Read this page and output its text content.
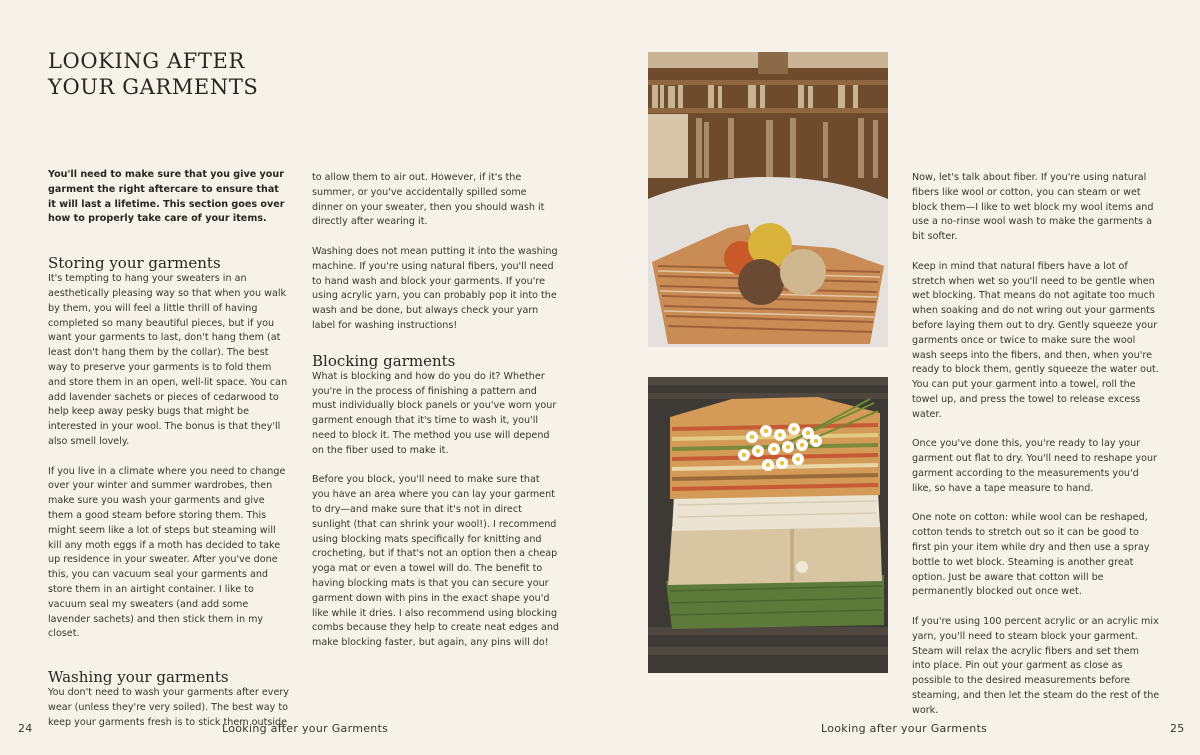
LOOKING AFTER
YOUR GARMENTS

You'll need to make sure that you give your garment the right aftercare to ensure that it will last a lifetime. This section goes over how to properly take care of your items.

Storing your garments

It's tempting to hang your sweaters in an aesthetically pleasing way so that when you walk by them, you will feel a little thrill of having completed so many beautiful pieces, but if you want your garments to last, don't hang them (at least don't hang them by the collar). The best way to preserve your garments is to fold them and store them in an open, well-lit space. You can add lavender sachets or pieces of cedarwood to help keep away pesky bugs that might be interested in your wool. The bonus is that they'll also smell lovely.

If you live in a climate where you need to change over your winter and summer wardrobes, then make sure you wash your garments and give them a good steam before storing them. This might seem like a lot of steps but steaming will kill any moth eggs if a moth has decided to take up residence in your sweater. After you've done this, you can vacuum seal your garments and store them in an airtight container. I like to vacuum seal my sweaters (and add some lavender sachets) and then stick them in my closet.

Washing your garments

You don't need to wash your garments after every wear (unless they're very soiled). The best way to keep your garments fresh is to stick them outside

to allow them to air out. However, if it's the summer, or you've accidentally spilled some dinner on your sweater, then you should wash it directly after wearing it.

Washing does not mean putting it into the washing machine. If you're using natural fibers, you'll need to hand wash and block your garments. If you're using acrylic yarn, you can probably pop it into the wash and be done, but always check your yarn label for washing instructions!

Blocking garments

What is blocking and how do you do it? Whether you're in the process of finishing a pattern and must individually block panels or you've worn your garment enough that it's time to wash it, you'll need to block it. The method you use will depend on the fiber used to make it.

Before you block, you'll need to make sure that you have an area where you can lay your garment to dry—and make sure that it's not in direct sunlight (that can shrink your wool!). I recommend using blocking mats specifically for knitting and crocheting, but if that's not an option then a cheap yoga mat or even a towel will do. The benefit to having blocking mats is that you can secure your garment down with pins in the exact shape you'd like while it dries. I also recommend using blocking combs because they help to create neat edges and make blocking faster, but again, any pins will do!

Now, let's talk about fiber. If you're using natural fibers like wool or cotton, you can steam or wet block them—I like to wet block my wool items and use a no-rinse wool wash to make the garments a bit softer.

Keep in mind that natural fibers have a lot of stretch when wet so you'll need to be gentle when wet blocking. That means do not agitate too much when soaking and do not wring out your garments before laying them out to dry. Gently squeeze your garments once or twice to make sure the wool wash seeps into the fibers, and then, when you're ready to block them, gently squeeze the water out. You can put your garment into a towel, roll the towel up, and press the towel to release excess water.

Once you've done this, you're ready to lay your garment out flat to dry. You'll need to reshape your garment according to the measurements you'd like, so have a tape measure to hand.

One note on cotton: while wool can be reshaped, cotton tends to stretch out so it can be good to first pin your item while dry and then use a spray bottle to wet block. Steaming is another great option. Just be aware that cotton will be permanently blocked out once wet.

If you're using 100 percent acrylic or an acrylic mix yarn, you'll need to steam block your garment. Steam will relax the acrylic fibers and set them into place. Pin out your garment as close as possible to the desired measurements before steaming, and then let the steam do the rest of the work.

24	Looking after your Garments	Looking after your Garments	25
